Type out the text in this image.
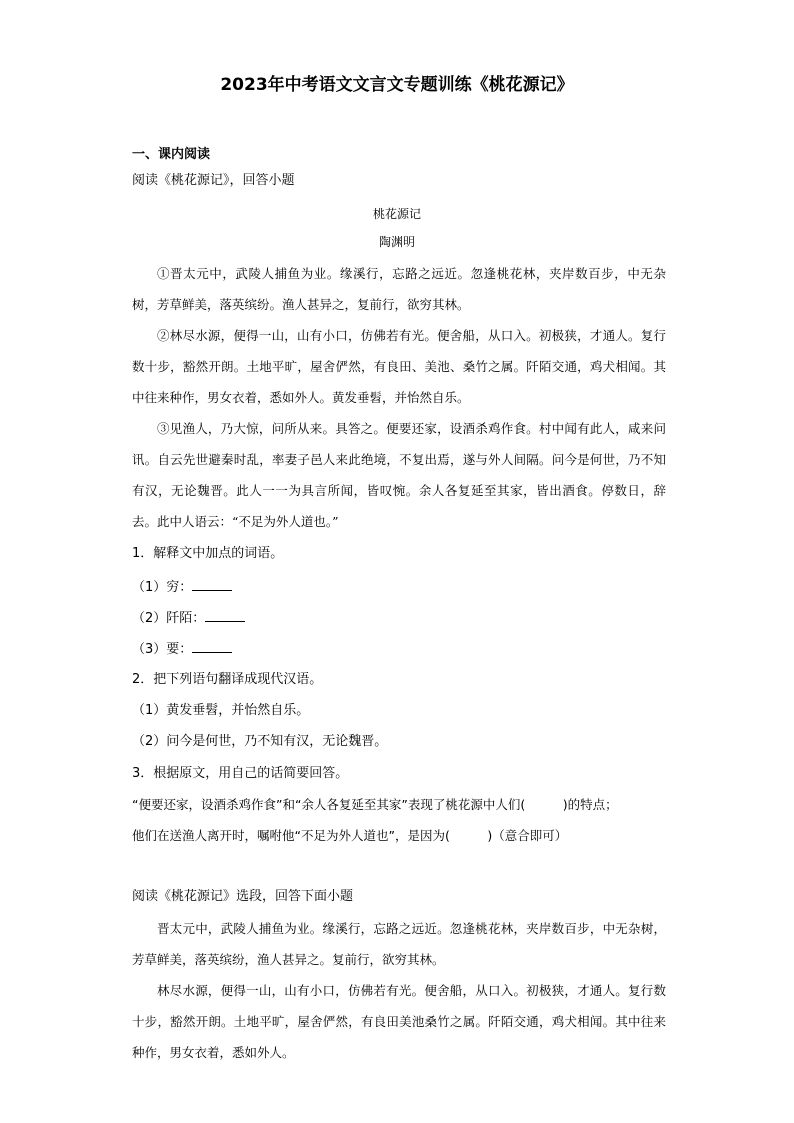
2023年中考语文文言文专题训练《桃花源记》
一、课内阅读
阅读《桃花源记》，回答小题
桃花源记
陶渊明

①晋太元中，武陵人捕鱼为业。缘溪行，忘路之远近。忽逢桃花林，夹岸数百步，中无杂树，芳草鲜美，落英缤纷。渔人甚异之，复前行，欲穷其林。

②林尽水源，便得一山，山有小口，仿佛若有光。便舍船，从口入。初极狭，才通人。复行数十步，豁然开朗。土地平旷，屋舍俨然，有良田、美池、桑竹之属。阡陌交通，鸡犬相闻。其中往来种作，男女衣着，悉如外人。黄发垂髫，并怡然自乐。

③见渔人，乃大惊，问所从来。具答之。便要还家，设酒杀鸡作食。村中闻有此人，咸来问讯。自云先世避秦时乱，率妻子邑人来此绝境，不复出焉，遂与外人间隔。问今是何世，乃不知有汉，无论魏晋。此人一一为具言所闻，皆叹惋。余人各复延至其家，皆出酒食。停数日，辞去。此中人语云：“不足为外人道也。”

1．解释文中加点的词语。
（1）穷：
（2）阡陌：
（3）要：
2．把下列语句翻译成现代汉语。
（1）黄发垂髫，并怡然自乐。
（2）问今是何世，乃不知有汉，无论魏晋。
3．根据原文，用自己的话简要回答。
“便要还家，设酒杀鸡作食”和“余人各复延至其家”表现了桃花源中人们(　　　)的特点；
他们在送渔人离开时，嘱咐他“不足为外人道也”，是因为(　　　)（意合即可）
阅读《桃花源记》选段，回答下面小题

晋太元中，武陵人捕鱼为业。缘溪行，忘路之远近。忽逢桃花林，夹岸数百步，中无杂树，芳草鲜美，落英缤纷，渔人甚异之。复前行，欲穷其林。

林尽水源，便得一山，山有小口，仿佛若有光。便舍船，从口入。初极狭，才通人。复行数十步，豁然开朗。土地平旷，屋舍俨然，有良田美池桑竹之属。阡陌交通，鸡犬相闻。其中往来种作，男女衣着，悉如外人。
